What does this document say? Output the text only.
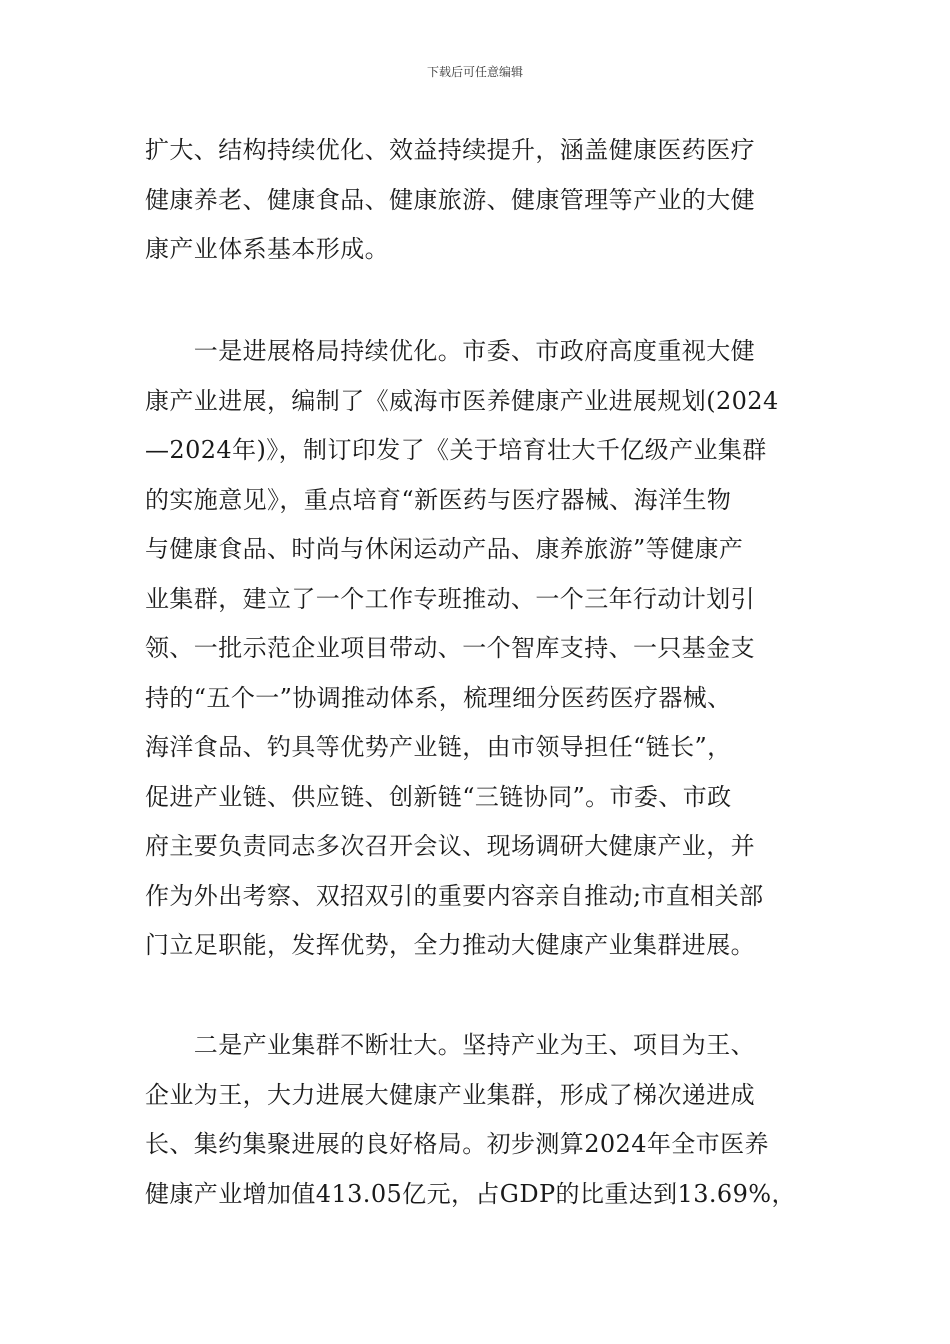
下载后可任意编辑
扩大、结构持续优化、效益持续提升，涵盖健康医药医疗
健康养老、健康食品、健康旅游、健康管理等产业的大健
康产业体系基本形成。
　　一是进展格局持续优化。市委、市政府高度重视大健
康产业进展，编制了《威海市医养健康产业进展规划(2024
—2024年)》，制订印发了《关于培育壮大千亿级产业集群
的实施意见》，重点培育“新医药与医疗器械、海洋生物
与健康食品、时尚与休闲运动产品、康养旅游”等健康产
业集群，建立了一个工作专班推动、一个三年行动计划引
领、一批示范企业项目带动、一个智库支持、一只基金支
持的“五个一”协调推动体系，梳理细分医药医疗器械、
海洋食品、钓具等优势产业链，由市领导担任“链长”，
促进产业链、供应链、创新链“三链协同”。市委、市政
府主要负责同志多次召开会议、现场调研大健康产业，并
作为外出考察、双招双引的重要内容亲自推动;市直相关部
门立足职能，发挥优势，全力推动大健康产业集群进展。
　　二是产业集群不断壮大。坚持产业为王、项目为王、
企业为王，大力进展大健康产业集群，形成了梯次递进成
长、集约集聚进展的良好格局。初步测算2024年全市医养
健康产业增加值413.05亿元，占GDP的比重达到13.69%，
